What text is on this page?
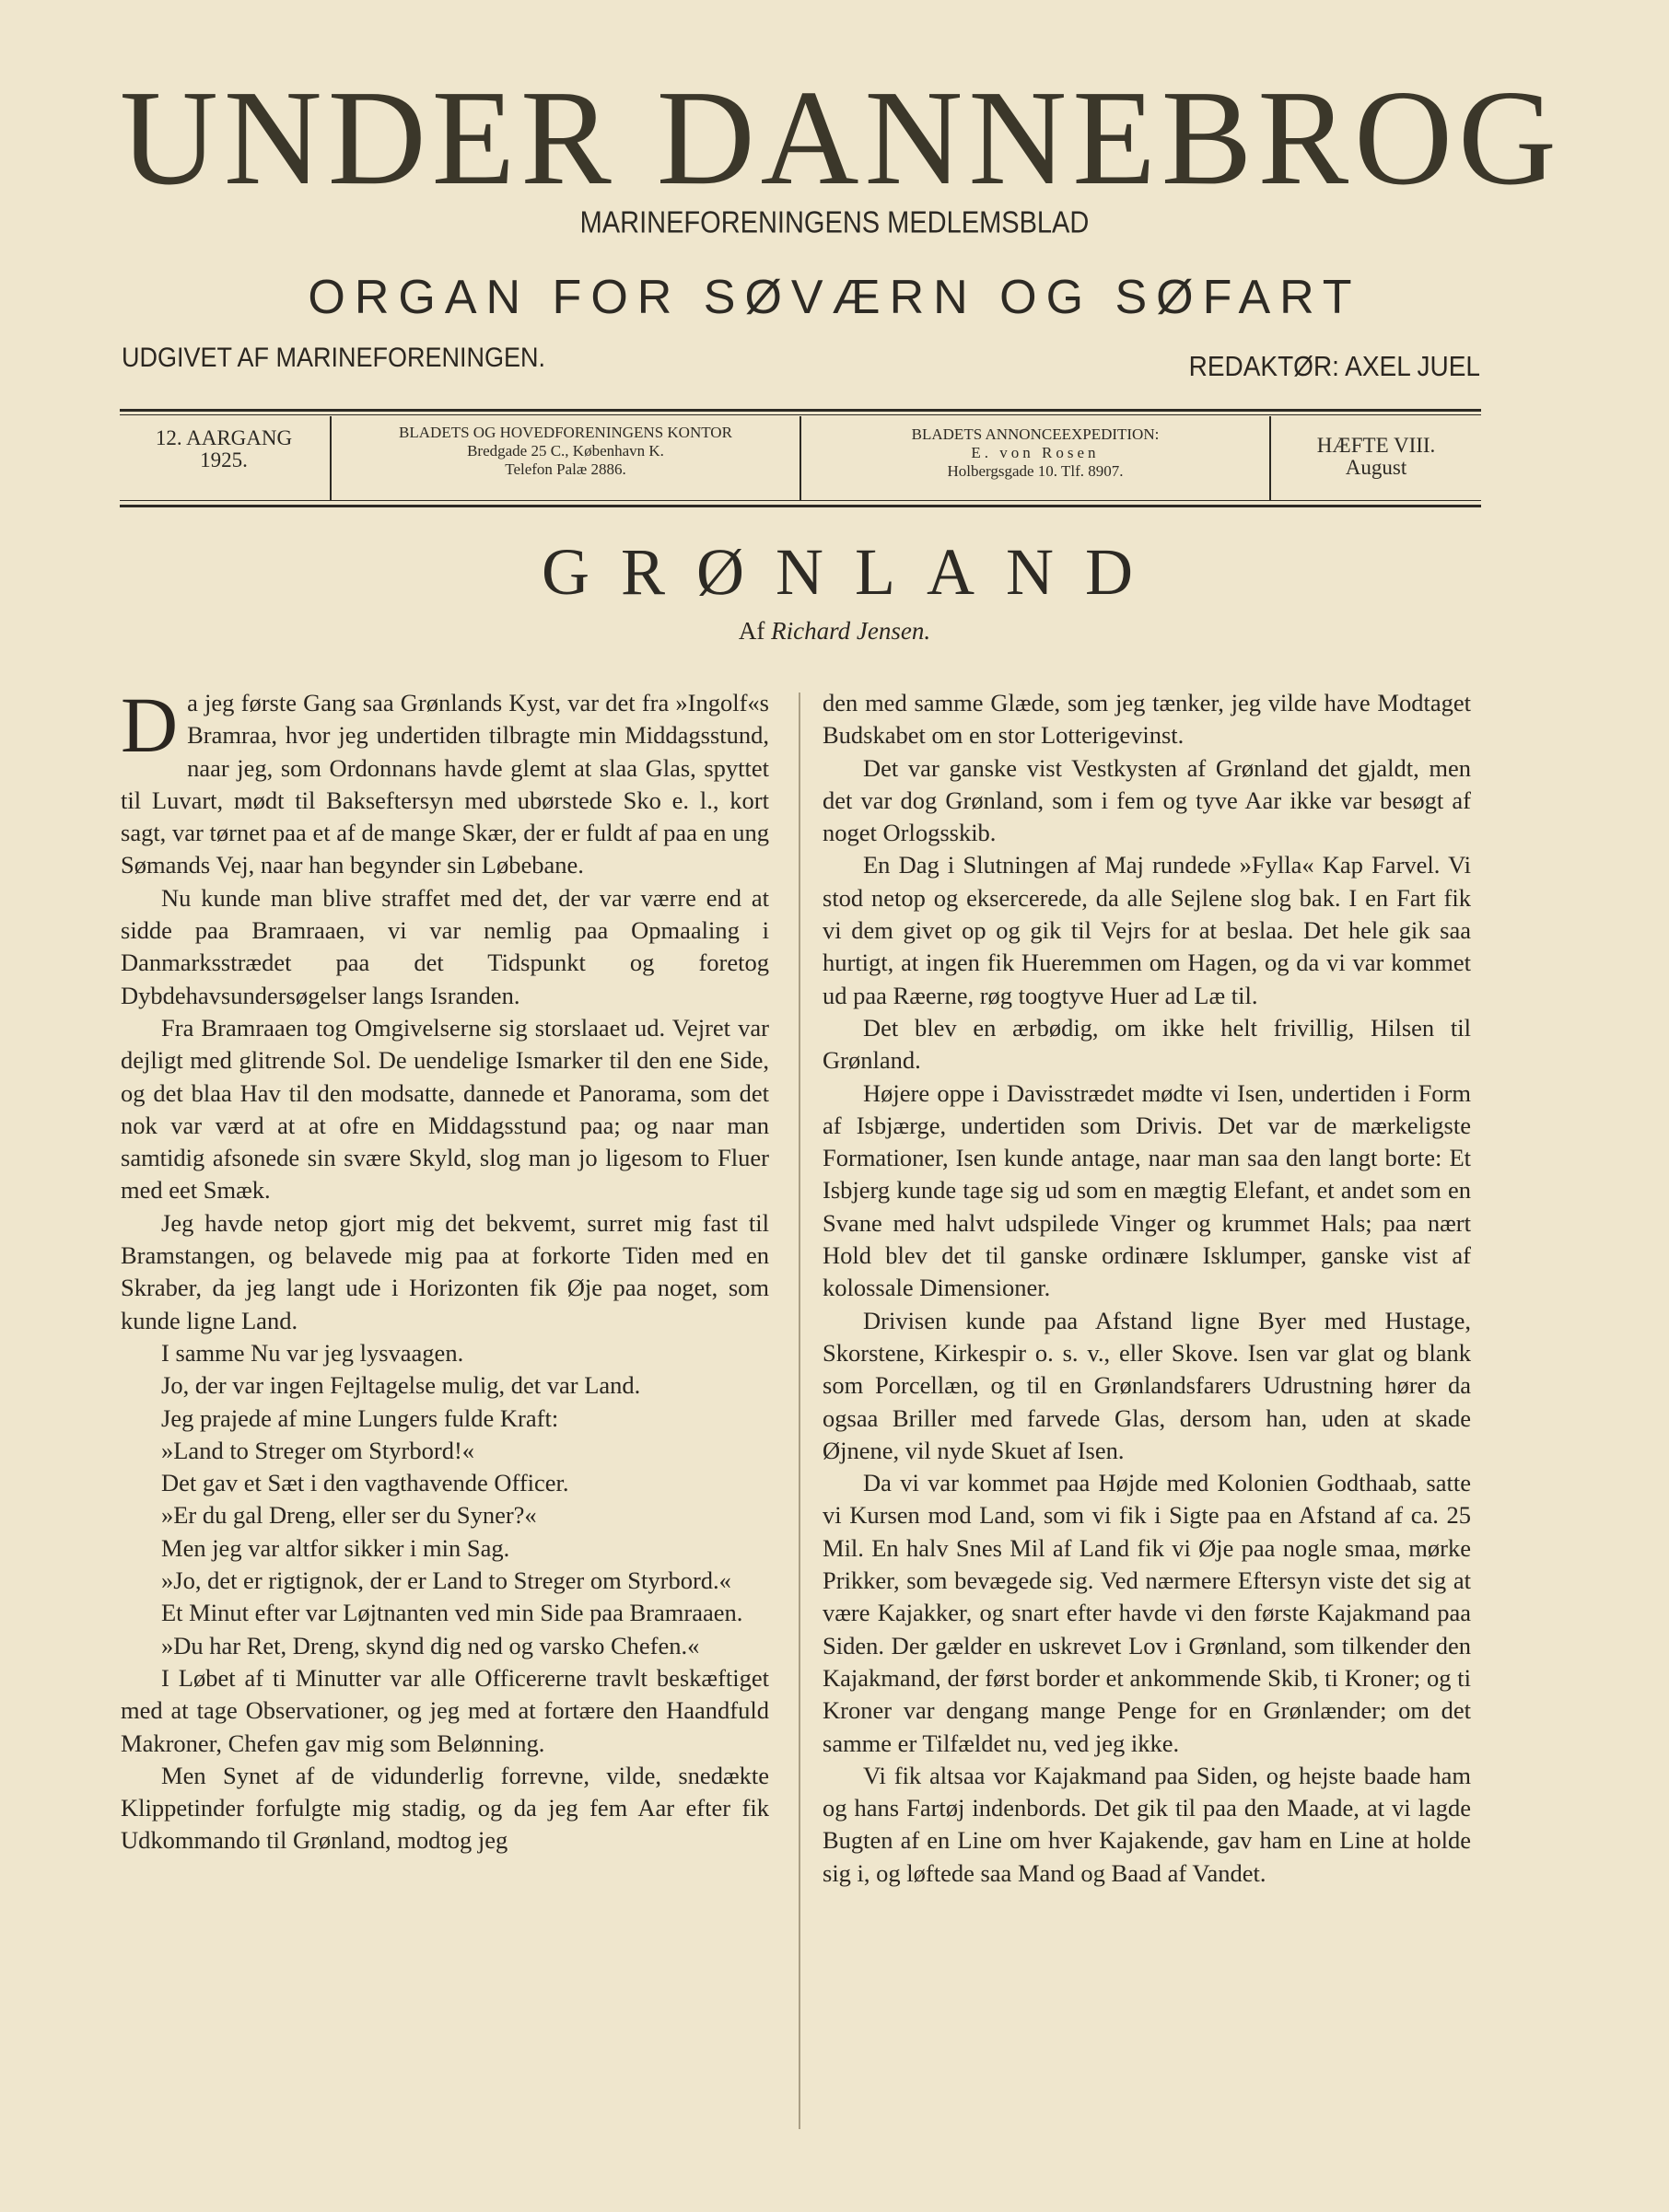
UNDER DANNEBROG
MARINEFORENINGENS MEDLEMSBLAD
ORGAN FOR SØVÆRN OG SØFART
UDGIVET AF MARINEFORENINGEN.	REDAKTØR: AXEL JUEL
12. AARGANG
1925.
BLADETS OG HOVEDFORENINGENS KONTOR
Bredgade 25 C., København K.
Telefon Palæ 2886.
BLADETS ANNONCEEXPEDITION:
E. von Rosen
Holbergsgade 10. Tlf. 8907.
HÆFTE VIII.
August
GRØNLAND
Af Richard Jensen.

Da jeg første Gang saa Grønlands Kyst, var det fra »Ingolf«s Bramraa, hvor jeg undertiden tilbragte min Middagsstund, naar jeg, som Ordonnans havde glemt at slaa Glas, spyttet til Luvart, mødt til Bakseftersyn med ubørstede Sko e. l., kort sagt, var tørnet paa et af de mange Skær, der er fuldt af paa en ung Sømands Vej, naar han begynder sin Løbebane.

Nu kunde man blive straffet med det, der var værre end at sidde paa Bramraaen, vi var nemlig paa Opmaaling i Danmarksstrædet paa det Tidspunkt og foretog Dybdehavsundersøgelser langs Isranden.

Fra Bramraaen tog Omgivelserne sig storslaaet ud. Vejret var dejligt med glitrende Sol. De uendelige Ismarker til den ene Side, og det blaa Hav til den modsatte, dannede et Panorama, som det nok var værd at at ofre en Middagsstund paa; og naar man samtidig afsonede sin svære Skyld, slog man jo ligesom to Fluer med eet Smæk.

Jeg havde netop gjort mig det bekvemt, surret mig fast til Bramstangen, og belavede mig paa at forkorte Tiden med en Skraber, da jeg langt ude i Horizonten fik Øje paa noget, som kunde ligne Land.

I samme Nu var jeg lysvaagen.

Jo, der var ingen Fejltagelse mulig, det var Land.

Jeg prajede af mine Lungers fulde Kraft:

»Land to Streger om Styrbord!«

Det gav et Sæt i den vagthavende Officer.

»Er du gal Dreng, eller ser du Syner?«

Men jeg var altfor sikker i min Sag.

»Jo, det er rigtignok, der er Land to Streger om Styrbord.«

Et Minut efter var Løjtnanten ved min Side paa Bramraaen.

»Du har Ret, Dreng, skynd dig ned og varsko Chefen.«

I Løbet af ti Minutter var alle Officererne travlt beskæftiget med at tage Observationer, og jeg med at fortære den Haandfuld Makroner, Chefen gav mig som Belønning.

Men Synet af de vidunderlig forrevne, vilde, snedækte Klippetinder forfulgte mig stadig, og da jeg fem Aar efter fik Udkommando til Grønland, modtog jeg

den med samme Glæde, som jeg tænker, jeg vilde have Modtaget Budskabet om en stor Lotterigevinst.

Det var ganske vist Vestkysten af Grønland det gjaldt, men det var dog Grønland, som i fem og tyve Aar ikke var besøgt af noget Orlogsskib.

En Dag i Slutningen af Maj rundede »Fylla« Kap Farvel. Vi stod netop og eksercerede, da alle Sejlene slog bak. I en Fart fik vi dem givet op og gik til Vejrs for at beslaa. Det hele gik saa hurtigt, at ingen fik Hueremmen om Hagen, og da vi var kommet ud paa Ræerne, røg toogtyve Huer ad Læ til.

Det blev en ærbødig, om ikke helt frivillig, Hilsen til Grønland.

Højere oppe i Davisstrædet mødte vi Isen, undertiden i Form af Isbjærge, undertiden som Drivis. Det var de mærkeligste Formationer, Isen kunde antage, naar man saa den langt borte: Et Isbjerg kunde tage sig ud som en mægtig Elefant, et andet som en Svane med halvt udspilede Vinger og krummet Hals; paa nært Hold blev det til ganske ordinære Isklumper, ganske vist af kolossale Dimensioner.

Drivisen kunde paa Afstand ligne Byer med Hustage, Skorstene, Kirkespir o. s. v., eller Skove. Isen var glat og blank som Porcellæn, og til en Grønlandsfarers Udrustning hører da ogsaa Briller med farvede Glas, dersom han, uden at skade Øjnene, vil nyde Skuet af Isen.

Da vi var kommet paa Højde med Kolonien Godthaab, satte vi Kursen mod Land, som vi fik i Sigte paa en Afstand af ca. 25 Mil. En halv Snes Mil af Land fik vi Øje paa nogle smaa, mørke Prikker, som bevægede sig. Ved nærmere Eftersyn viste det sig at være Kajakker, og snart efter havde vi den første Kajakmand paa Siden. Der gælder en uskrevet Lov i Grønland, som tilkender den Kajakmand, der først border et ankommende Skib, ti Kroner; og ti Kroner var dengang mange Penge for en Grønlænder; om det samme er Tilfældet nu, ved jeg ikke.

Vi fik altsaa vor Kajakmand paa Siden, og hejste baade ham og hans Fartøj indenbords. Det gik til paa den Maade, at vi lagde Bugten af en Line om hver Kajakende, gav ham en Line at holde sig i, og løftede saa Mand og Baad af Vandet.
